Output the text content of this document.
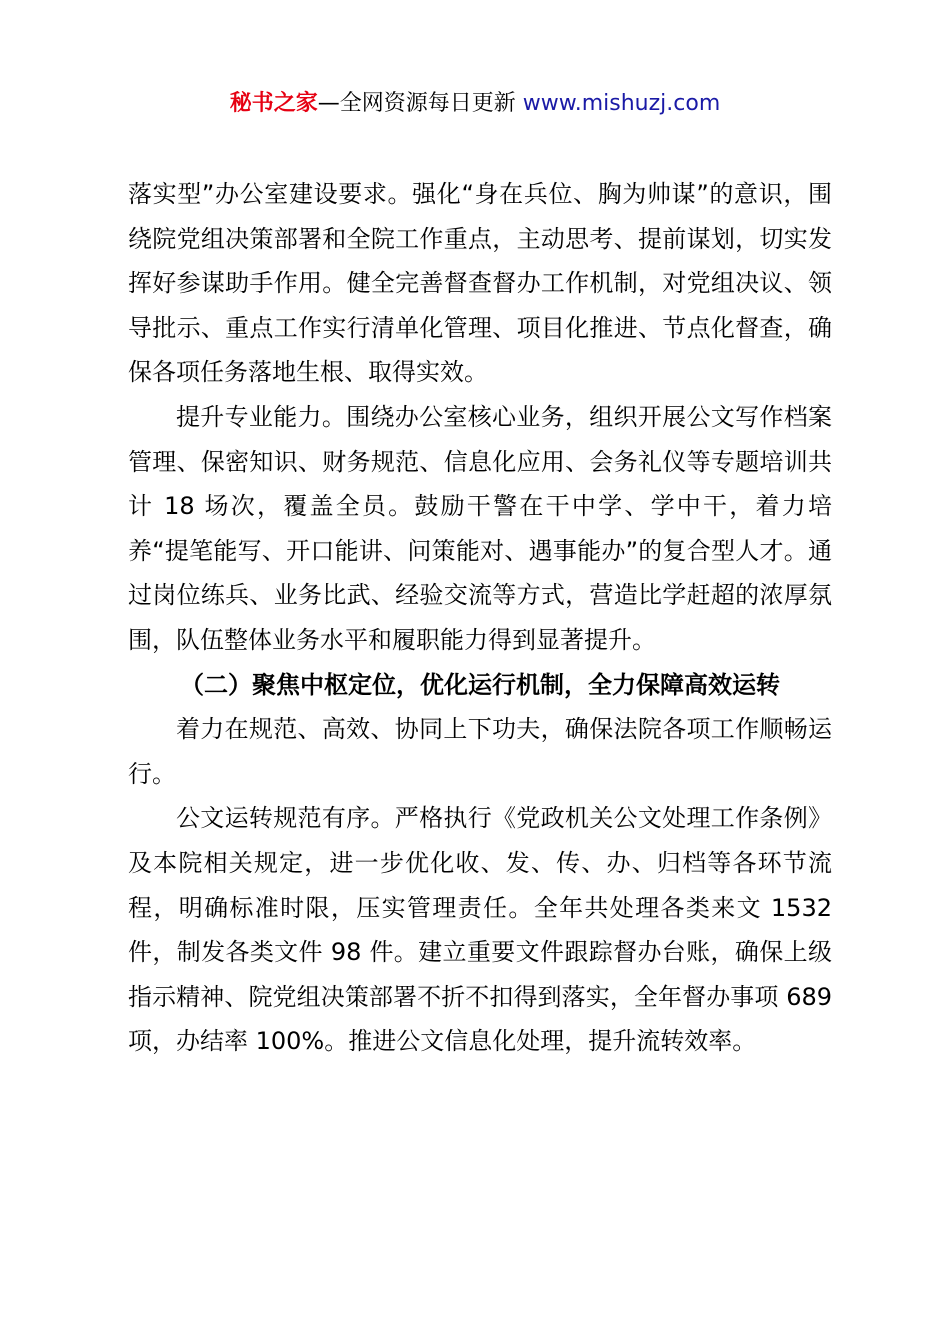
秘书之家—全网资源每日更新 www.mishuzj.com

落实型”办公室建设要求。强化“身在兵位、胸为帅谋”的意识，围绕院党组决策部署和全院工作重点，主动思考、提前谋划，切实发挥好参谋助手作用。健全完善督查督办工作机制，对党组决议、领导批示、重点工作实行清单化管理、项目化推进、节点化督查，确保各项任务落地生根、取得实效。

提升专业能力。围绕办公室核心业务，组织开展公文写作档案管理、保密知识、财务规范、信息化应用、会务礼仪等专题培训共计 18 场次，覆盖全员。鼓励干警在干中学、学中干，着力培养“提笔能写、开口能讲、问策能对、遇事能办”的复合型人才。通过岗位练兵、业务比武、经验交流等方式，营造比学赶超的浓厚氛围，队伍整体业务水平和履职能力得到显著提升。

（二）聚焦中枢定位，优化运行机制，全力保障高效运转

着力在规范、高效、协同上下功夫，确保法院各项工作顺畅运行。

公文运转规范有序。严格执行《党政机关公文处理工作条例》及本院相关规定，进一步优化收、发、传、办、归档等各环节流程，明确标准时限，压实管理责任。全年共处理各类来文 1532 件，制发各类文件 98 件。建立重要文件跟踪督办台账，确保上级指示精神、院党组决策部署不折不扣得到落实，全年督办事项 689 项，办结率 100%。推进公文信息化处理，提升流转效率。
